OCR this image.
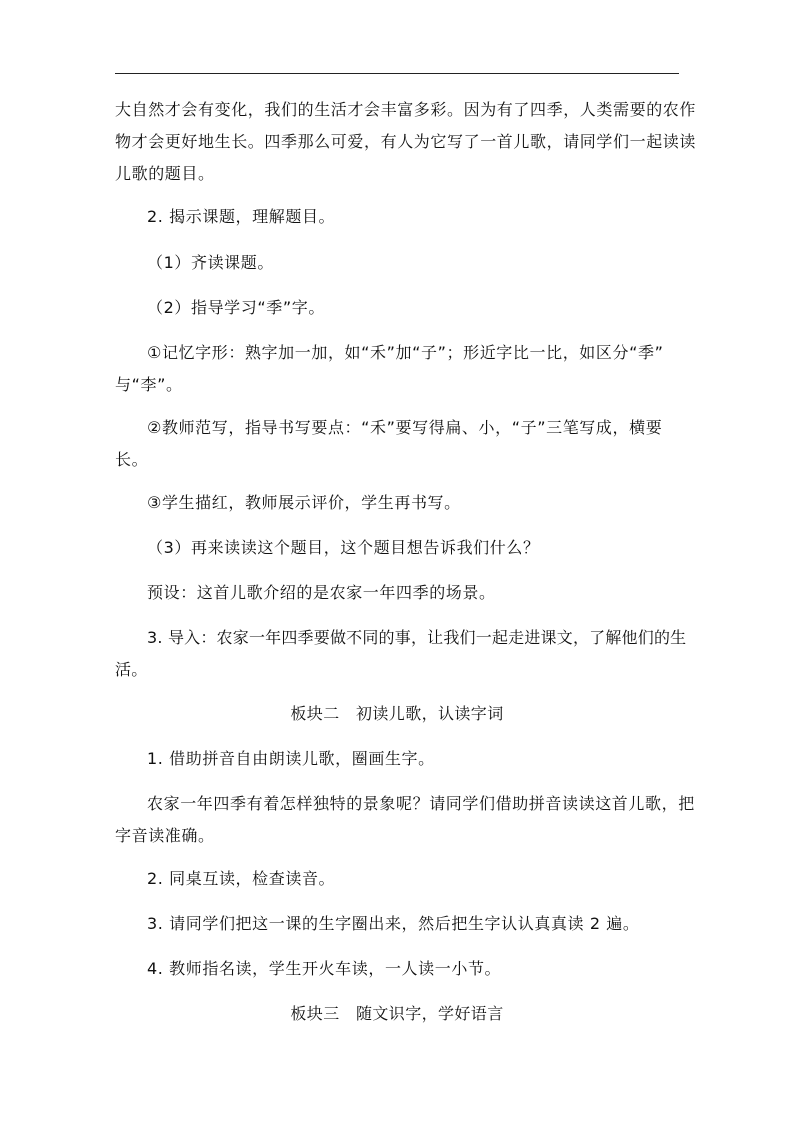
大自然才会有变化，我们的生活才会丰富多彩。因为有了四季，人类需要的农作
物才会更好地生长。四季那么可爱，有人为它写了一首儿歌，请同学们一起读读
儿歌的题目。
2. 揭示课题，理解题目。
（1）齐读课题。
（2）指导学习“季”字。
①记忆字形：熟字加一加，如“禾”加“子”；形近字比一比，如区分“季”
与“李”。
②教师范写，指导书写要点：“禾”要写得扁、小，“子”三笔写成，横要
长。
③学生描红，教师展示评价，学生再书写。
（3）再来读读这个题目，这个题目想告诉我们什么？
预设：这首儿歌介绍的是农家一年四季的场景。
3. 导入：农家一年四季要做不同的事，让我们一起走进课文，了解他们的生
活。
板块二　初读儿歌，认读字词
1. 借助拼音自由朗读儿歌，圈画生字。
农家一年四季有着怎样独特的景象呢？请同学们借助拼音读读这首儿歌，把
字音读准确。
2. 同桌互读，检查读音。
3. 请同学们把这一课的生字圈出来，然后把生字认认真真读 2 遍。
4. 教师指名读，学生开火车读，一人读一小节。
板块三　随文识字，学好语言
